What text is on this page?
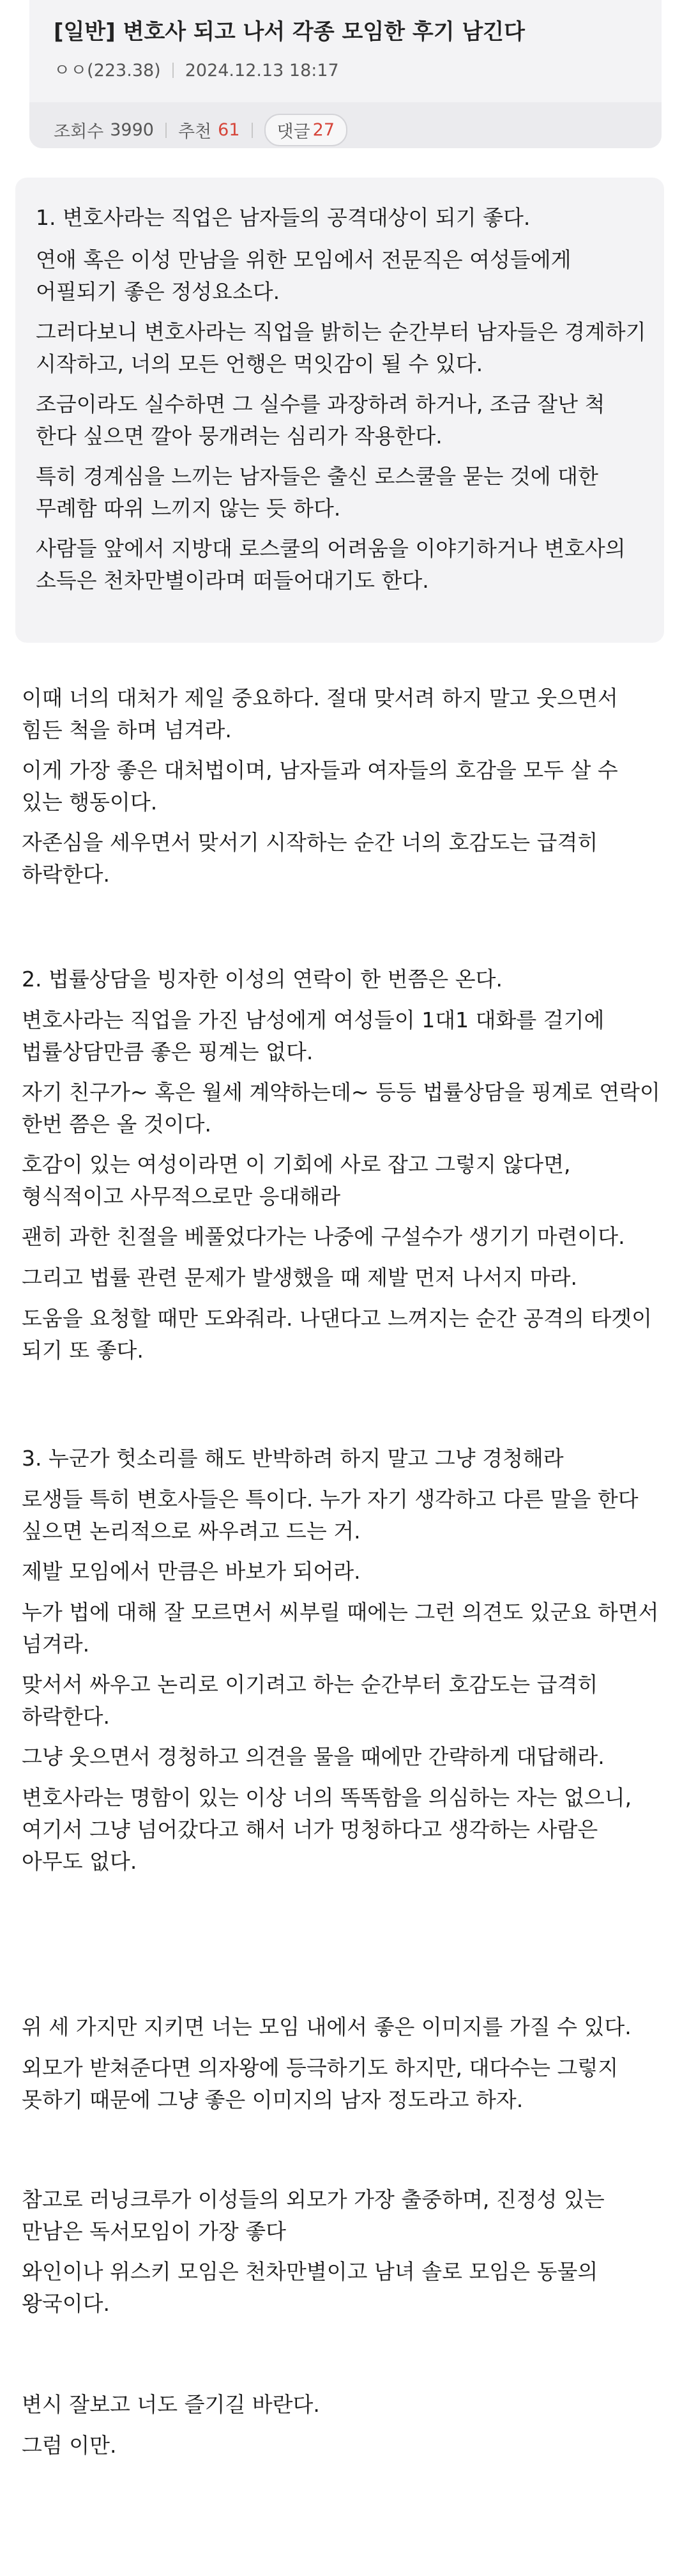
[일반] 변호사 되고 나서 각종 모임한 후기 남긴다
ㅇㅇ(223.38) 2024.12.13 18:17
조회수 3990 추천 61 댓글 27
1. 변호사라는 직업은 남자들의 공격대상이 되기 좋다.
연애 혹은 이성 만남을 위한 모임에서 전문직은 여성들에게 어필되기 좋은 정성요소다.
그러다보니 변호사라는 직업을 밝히는 순간부터 남자들은 경계하기 시작하고, 너의 모든 언행은 먹잇감이 될 수 있다.
조금이라도 실수하면 그 실수를 과장하려 하거나, 조금 잘난 척 한다 싶으면 깔아 뭉개려는 심리가 작용한다.
특히 경계심을 느끼는 남자들은 출신 로스쿨을 묻는 것에 대한 무례함 따위 느끼지 않는 듯 하다.
사람들 앞에서 지방대 로스쿨의 어려움을 이야기하거나 변호사의 소득은 천차만별이라며 떠들어대기도 한다.
이때 너의 대처가 제일 중요하다. 절대 맞서려 하지 말고 웃으면서 힘든 척을 하며 넘겨라.
이게 가장 좋은 대처법이며, 남자들과 여자들의 호감을 모두 살 수 있는 행동이다.
자존심을 세우면서 맞서기 시작하는 순간 너의 호감도는 급격히 하락한다.
2. 법률상담을 빙자한 이성의 연락이 한 번쯤은 온다.
변호사라는 직업을 가진 남성에게 여성들이 1대1 대화를 걸기에 법률상담만큼 좋은 핑계는 없다.
자기 친구가~ 혹은 월세 계약하는데~ 등등 법률상담을 핑계로 연락이 한번 쯤은 올 것이다.
호감이 있는 여성이라면 이 기회에 사로 잡고 그렇지 않다면, 형식적이고 사무적으로만 응대해라
괜히 과한 친절을 베풀었다가는 나중에 구설수가 생기기 마련이다.
그리고 법률 관련 문제가 발생했을 때 제발 먼저 나서지 마라.
도움을 요청할 때만 도와줘라. 나댄다고 느껴지는 순간 공격의 타겟이 되기 또 좋다.
3. 누군가 헛소리를 해도 반박하려 하지 말고 그냥 경청해라
로생들 특히 변호사들은 특이다. 누가 자기 생각하고 다른 말을 한다 싶으면 논리적으로 싸우려고 드는 거.
제발 모임에서 만큼은 바보가 되어라.
누가 법에 대해 잘 모르면서 씨부릴 때에는 그런 의견도 있군요 하면서 넘겨라.
맞서서 싸우고 논리로 이기려고 하는 순간부터 호감도는 급격히 하락한다.
그냥 웃으면서 경청하고 의견을 물을 때에만 간략하게 대답해라.
변호사라는 명함이 있는 이상 너의 똑똑함을 의심하는 자는 없으니, 여기서 그냥 넘어갔다고 해서 너가 멍청하다고 생각하는 사람은 아무도 없다.
위 세 가지만 지키면 너는 모임 내에서 좋은 이미지를 가질 수 있다.
외모가 받쳐준다면 의자왕에 등극하기도 하지만, 대다수는 그렇지 못하기 때문에 그냥 좋은 이미지의 남자 정도라고 하자.
참고로 러닝크루가 이성들의 외모가 가장 출중하며, 진정성 있는 만남은 독서모임이 가장 좋다
와인이나 위스키 모임은 천차만별이고 남녀 솔로 모임은 동물의 왕국이다.
변시 잘보고 너도 즐기길 바란다.
그럼 이만.
